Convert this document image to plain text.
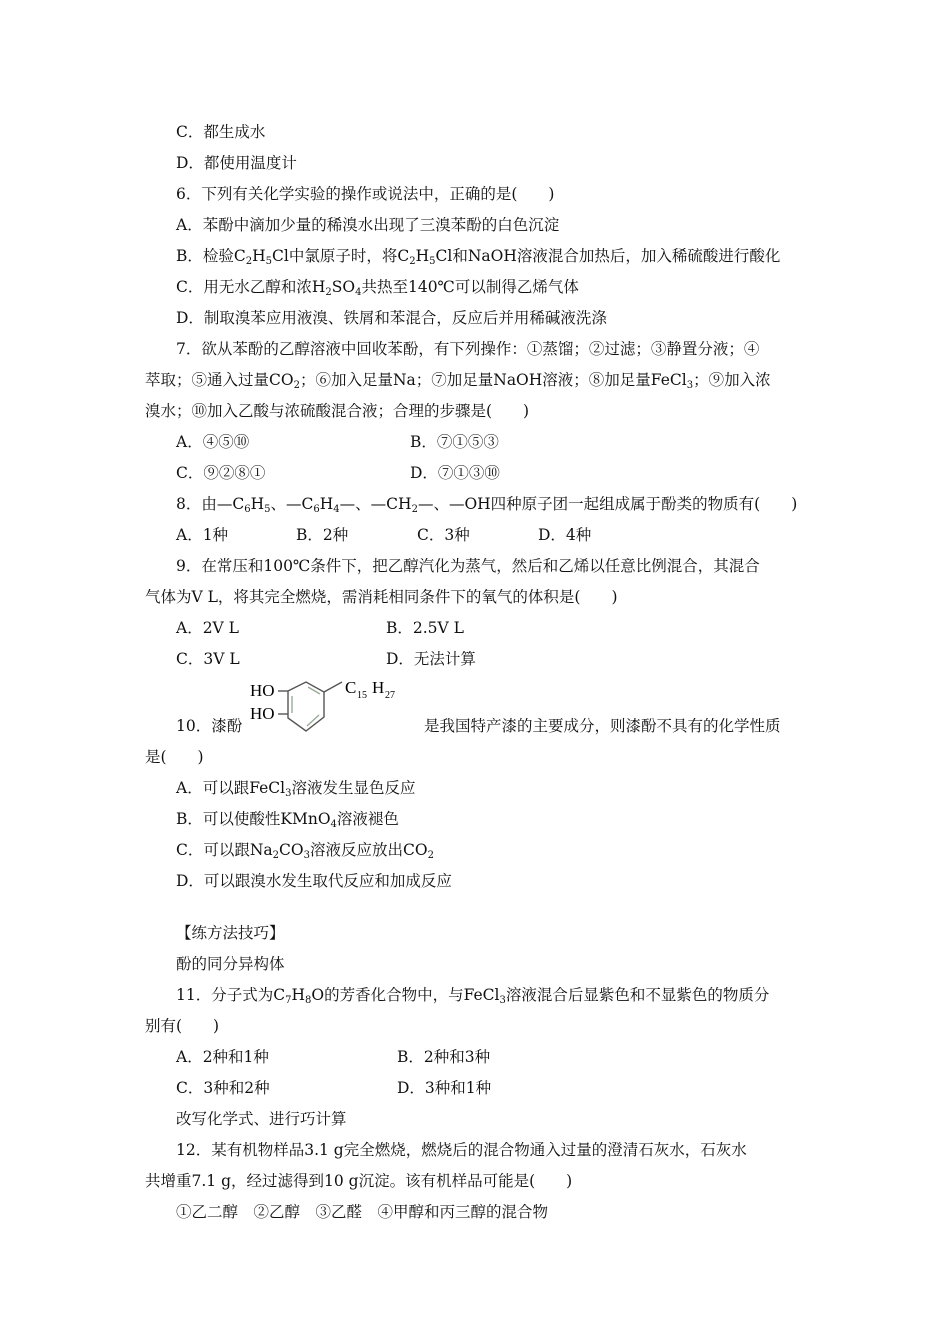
C．都生成水
D．都使用温度计
6．下列有关化学实验的操作或说法中，正确的是(　　)
A．苯酚中滴加少量的稀溴水出现了三溴苯酚的白色沉淀
B．检验$C_2H_5Cl$中氯原子时，将$C_2H_5Cl$和NaOH溶液混合加热后，加入稀硫酸进行酸化
C．用无水乙醇和浓$H_2SO_4$共热至140℃可以制得乙烯气体
D．制取溴苯应用液溴、铁屑和苯混合，反应后并用稀碱液洗涤
7．欲从苯酚的乙醇溶液中回收苯酚，有下列操作：①蒸馏；②过滤；③静置分液；④
萃取；⑤通入过量$CO_2$；⑥加入足量Na；⑦加足量NaOH溶液；⑧加足量FeCl$_3$；⑨加入浓
溴水；⑩加入乙酸与浓硫酸混合液；合理的步骤是(　　)
A．④⑤⑩	B．⑦①⑤③
C．⑨②⑧①	D．⑦①③⑩
8．由$—C_6H_5$、$—C_6H_4—$、$—CH_2—$、—OH四种原子团一起组成属于酚类的物质有(　　)
A．1种	B．2种	C．3种	D．4种
9．在常压和100℃条件下，把乙醇汽化为蒸气，然后和乙烯以任意比例混合，其混合
气体为V L，将其完全燃烧，需消耗相同条件下的氧气的体积是(　　)
A．2V L	B．2.5V L
C．3V L	D．无法计算
HO
HO
C 15 H 27
10．漆酚	是我国特产漆的主要成分，则漆酚不具有的化学性质
是(　　)
A．可以跟FeCl$_3$溶液发生显色反应
B．可以使酸性KMnO$_4$溶液褪色
C．可以跟$Na_2CO_3$溶液反应放出$CO_2$
D．可以跟溴水发生取代反应和加成反应
【练方法技巧】
酚的同分异构体
11．分子式为$C_7H_8O$的芳香化合物中，与FeCl$_3$溶液混合后显紫色和不显紫色的物质分
别有(　　)
A．2种和1种	B．2种和3种
C．3种和2种	D．3种和1种
改写化学式、进行巧计算
12．某有机物样品3.1 g完全燃烧，燃烧后的混合物通入过量的澄清石灰水，石灰水
共增重7.1 g，经过滤得到10 g沉淀。该有机样品可能是(　　)
①乙二醇　②乙醇　③乙醛　④甲醇和丙三醇的混合物
